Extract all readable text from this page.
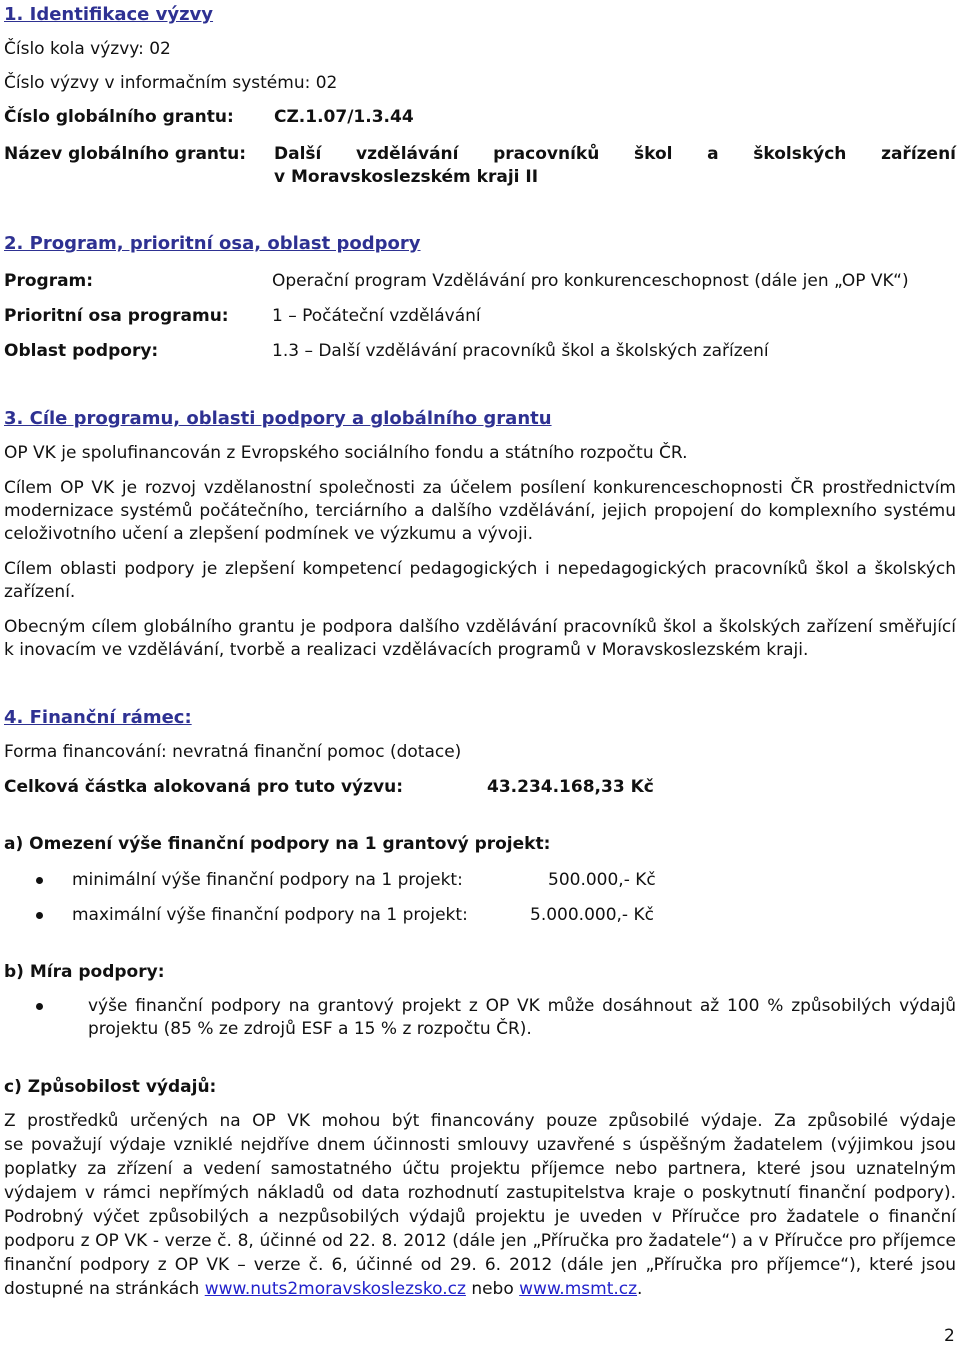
1. Identifikace výzvy
Číslo kola výzvy: 02
Číslo výzvy v informačním systému: 02
Číslo globálního grantu: CZ.1.07/1.3.44
Název globálního grantu: Další vzdělávání pracovníků škol a školských zařízení
v Moravskoslezském kraji II
2. Program, prioritní osa, oblast podpory
Program:	Operační program Vzdělávání pro konkurenceschopnost (dále jen „OP VK“)
Prioritní osa programu:	1 – Počáteční vzdělávání
Oblast podpory:	1.3 – Další vzdělávání pracovníků škol a školských zařízení
3. Cíle programu, oblasti podpory a globálního grantu
OP VK je spolufinancován z Evropského sociálního fondu a státního rozpočtu ČR.
Cílem OP VK je rozvoj vzdělanostní společnosti za účelem posílení konkurenceschopnosti ČR prostřednictvím
modernizace systémů počátečního, terciárního a dalšího vzdělávání, jejich propojení do komplexního systému
celoživotního učení a zlepšení podmínek ve výzkumu a vývoji.
Cílem oblasti podpory je zlepšení kompetencí pedagogických i nepedagogických pracovníků škol a školských
zařízení.
Obecným cílem globálního grantu je podpora dalšího vzdělávání pracovníků škol a školských zařízení směřující
k inovacím ve vzdělávání, tvorbě a realizaci vzdělávacích programů v Moravskoslezském kraji.
4. Finanční rámec:
Forma financování: nevratná finanční pomoc (dotace)
Celková částka alokovaná pro tuto výzvu:	43.234.168,33 Kč
a) Omezení výše finanční podpory na 1 grantový projekt:
minimální výše finanční podpory na 1 projekt:	500.000,- Kč
maximální výše finanční podpory na 1 projekt:	5.000.000,- Kč
b) Míra podpory:
výše finanční podpory na grantový projekt z OP VK může dosáhnout až 100 % způsobilých výdajů
projektu (85 % ze zdrojů ESF a 15 % z rozpočtu ČR).
c) Způsobilost výdajů:
Z prostředků určených na OP VK mohou být financovány pouze způsobilé výdaje. Za způsobilé výdaje
se považují výdaje vzniklé nejdříve dnem účinnosti smlouvy uzavřené s úspěšným žadatelem (výjimkou jsou
poplatky za zřízení a vedení samostatného účtu projektu příjemce nebo partnera, které jsou uznatelným
výdajem v rámci nepřímých nákladů od data rozhodnutí zastupitelstva kraje o poskytnutí finanční podpory).
Podrobný výčet způsobilých a nezpůsobilých výdajů projektu je uveden v Příručce pro žadatele o finanční
podporu z OP VK - verze č. 8, účinné od 22. 8. 2012 (dále jen „Příručka pro žadatele“) a v Příručce pro příjemce
finanční podpory z OP VK – verze č. 6, účinné od 29. 6. 2012 (dále jen „Příručka pro příjemce“), které jsou
dostupné na stránkách www.nuts2moravskoslezsko.cz nebo www.msmt.cz.
2
